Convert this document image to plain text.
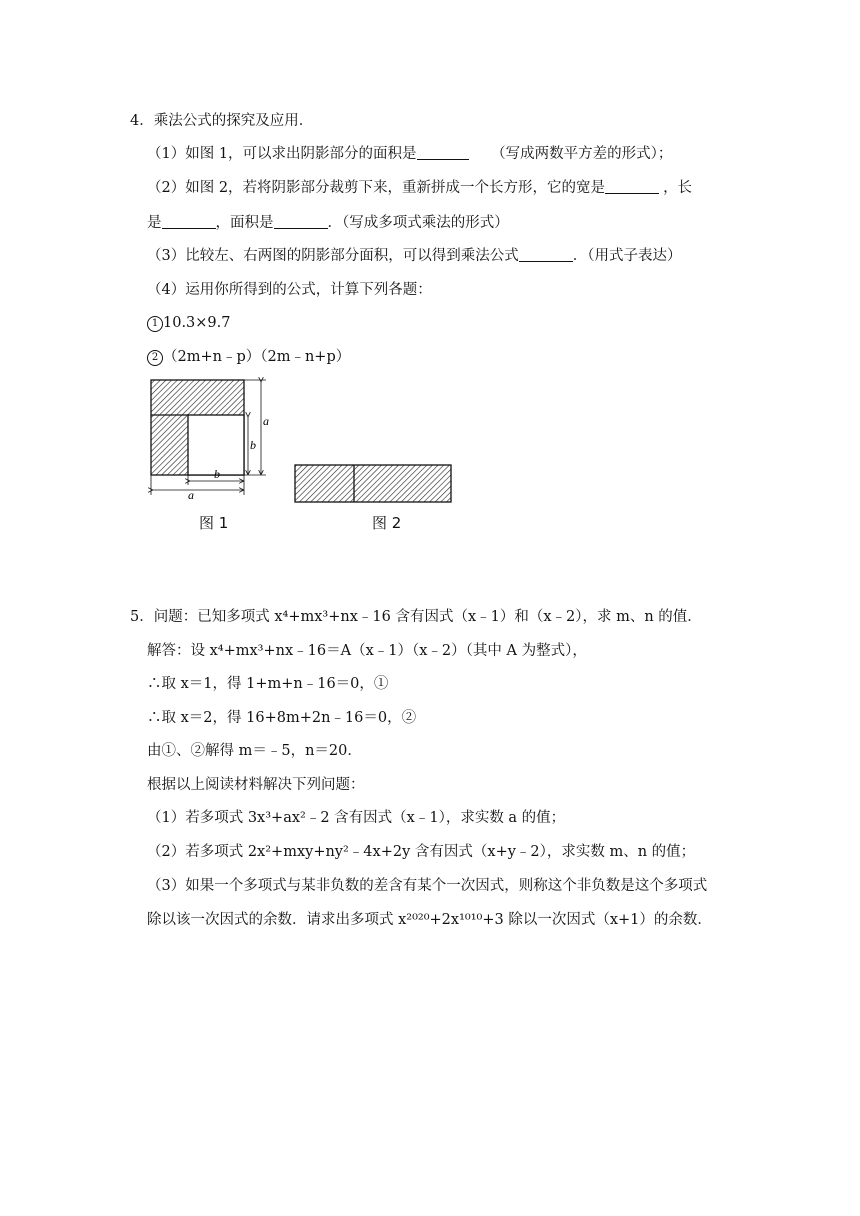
4．乘法公式的探究及应用．
（1）如图 1，可以求出阴影部分的面积是	（写成两数平方差的形式）；
（2）如图 2，若将阴影部分裁剪下来，重新拼成一个长方形，它的宽是	，长
是	，面积是	．（写成多项式乘法的形式）
（3）比较左、右两图的阴影部分面积，可以得到乘法公式	．（用式子表达）
（4）运用你所得到的公式，计算下列各题：
1 10.3×9.7
2 （2m+n﹣p）（2m﹣n+p）
a
b
b
a
图 1	图 2
5．问题：已知多项式 x⁴+mx³+nx﹣16 含有因式（x﹣1）和（x﹣2），求 m、n 的值．
解答：设 x⁴+mx³+nx﹣16＝A（x﹣1）（x﹣2）（其中 A 为整式），
∴取 x＝1，得 1+m+n﹣16＝0，①
∴取 x＝2，得 16+8m+2n﹣16＝0，②
由①、②解得 m＝﹣5，n＝20．
根据以上阅读材料解决下列问题：
（1）若多项式 3x³+ax²﹣2 含有因式（x﹣1），求实数 a 的值；
（2）若多项式 2x²+mxy+ny²﹣4x+2y 含有因式（x+y﹣2），求实数 m、n 的值；
（3）如果一个多项式与某非负数的差含有某个一次因式，则称这个非负数是这个多项式
除以该一次因式的余数．请求出多项式 x²⁰²⁰+2x¹⁰¹⁰+3 除以一次因式（x+1）的余数．
